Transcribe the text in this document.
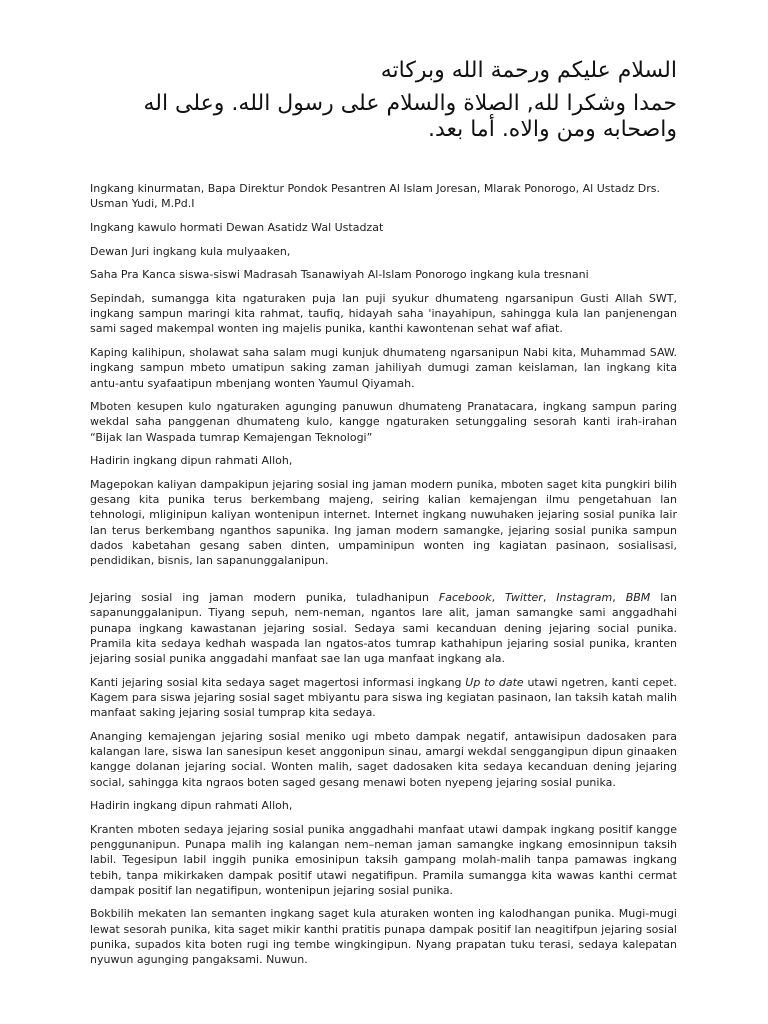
السلام عليكم ورحمة الله وبركاته

حمدا وشكرا لله, الصلاة والسلام على رسول الله. وعلى اله واصحابه ومن والاه. أما بعد.

Ingkang kinurmatan, Bapa Direktur Pondok Pesantren Al Islam Joresan, Mlarak Ponorogo, Al Ustadz Drs. Usman Yudi, M.Pd.I

Ingkang kawulo hormati Dewan Asatidz Wal Ustadzat

Dewan Juri ingkang kula mulyaaken,

Saha Pra Kanca siswa-siswi Madrasah Tsanawiyah Al-Islam Ponorogo ingkang kula tresnani

Sepindah, sumangga kita ngaturaken puja lan puji syukur dhumateng ngarsanipun Gusti Allah SWT, ingkang sampun maringi kita rahmat, taufiq, hidayah saha 'inayahipun, sahingga kula lan panjenengan sami saged makempal wonten ing majelis punika, kanthi kawontenan sehat waf afiat.

Kaping kalihipun, sholawat saha salam mugi kunjuk dhumateng ngarsanipun Nabi kita, Muhammad SAW. ingkang sampun mbeto umatipun saking zaman jahiliyah dumugi zaman keislaman, lan ingkang kita antu-antu syafaatipun mbenjang wonten Yaumul Qiyamah.

Mboten kesupen kulo ngaturaken agunging panuwun dhumateng Pranatacara, ingkang sampun paring wekdal saha panggenan dhumateng kulo, kangge ngaturaken setunggaling sesorah kanti irah-irahan “Bijak lan Waspada tumrap Kemajengan Teknologi”

Hadirin ingkang dipun rahmati Alloh,

Magepokan kaliyan dampakipun jejaring sosial ing jaman modern punika, mboten saget kita pungkiri bilih gesang kita punika terus berkembang majeng, seiring kalian kemajengan ilmu pengetahuan lan tehnologi, mliginipun kaliyan wontenipun internet. Internet ingkang nuwuhaken jejaring sosial punika lair lan terus berkembang nganthos sapunika. Ing jaman modern samangke, jejaring sosial punika sampun dados kabetahan gesang saben dinten, umpaminipun wonten ing kagiatan pasinaon, sosialisasi, pendidikan, bisnis, lan sapanunggalanipun.

Jejaring sosial ing jaman modern punika, tuladhanipun Facebook, Twitter, Instagram, BBM lan sapanunggalanipun. Tiyang sepuh, nem-neman, ngantos lare alit, jaman samangke sami anggadhahi punapa ingkang kawastanan jejaring sosial. Sedaya sami kecanduan dening jejaring social punika. Pramila kita sedaya kedhah waspada lan ngatos-atos tumrap kathahipun jejaring sosial punika, kranten jejaring sosial punika anggadahi manfaat sae lan uga manfaat ingkang ala.

Kanti jejaring sosial kita sedaya saget magertosi informasi ingkang Up to date utawi ngetren, kanti cepet. Kagem para siswa jejaring sosial saget mbiyantu para siswa ing kegiatan pasinaon, lan taksih katah malih manfaat saking jejaring sosial tumprap kita sedaya.

Ananging kemajengan jejaring sosial meniko ugi mbeto dampak negatif, antawisipun dadosaken para kalangan lare, siswa lan sanesipun keset anggonipun sinau, amargi wekdal senggangipun dipun ginaaken kangge dolanan jejaring social. Wonten malih, saget dadosaken kita sedaya kecanduan dening jejaring social, sahingga kita ngraos boten saged gesang menawi boten nyepeng jejaring sosial punika.

Hadirin ingkang dipun rahmati Alloh,

Kranten mboten sedaya jejaring sosial punika anggadhahi manfaat utawi dampak ingkang positif kangge penggunanipun. Punapa malih ing kalangan nem–neman jaman samangke ingkang emosinnipun taksih labil. Tegesipun labil inggih punika emosinipun taksih gampang molah-malih tanpa pamawas ingkang tebih, tanpa mikirkaken dampak positif utawi negatifipun. Pramila sumangga kita wawas kanthi cermat dampak positif lan negatifipun, wontenipun jejaring sosial punika.

Bokbilih mekaten lan semanten ingkang saget kula aturaken wonten ing kalodhangan punika. Mugi-mugi lewat sesorah punika, kita saget mikir kanthi pratitis punapa dampak positif lan neagitifpun jejaring sosial punika, supados kita boten rugi ing tembe wingkingipun. Nyang prapatan tuku terasi, sedaya kalepatan nyuwun agunging pangaksami. Nuwun.
